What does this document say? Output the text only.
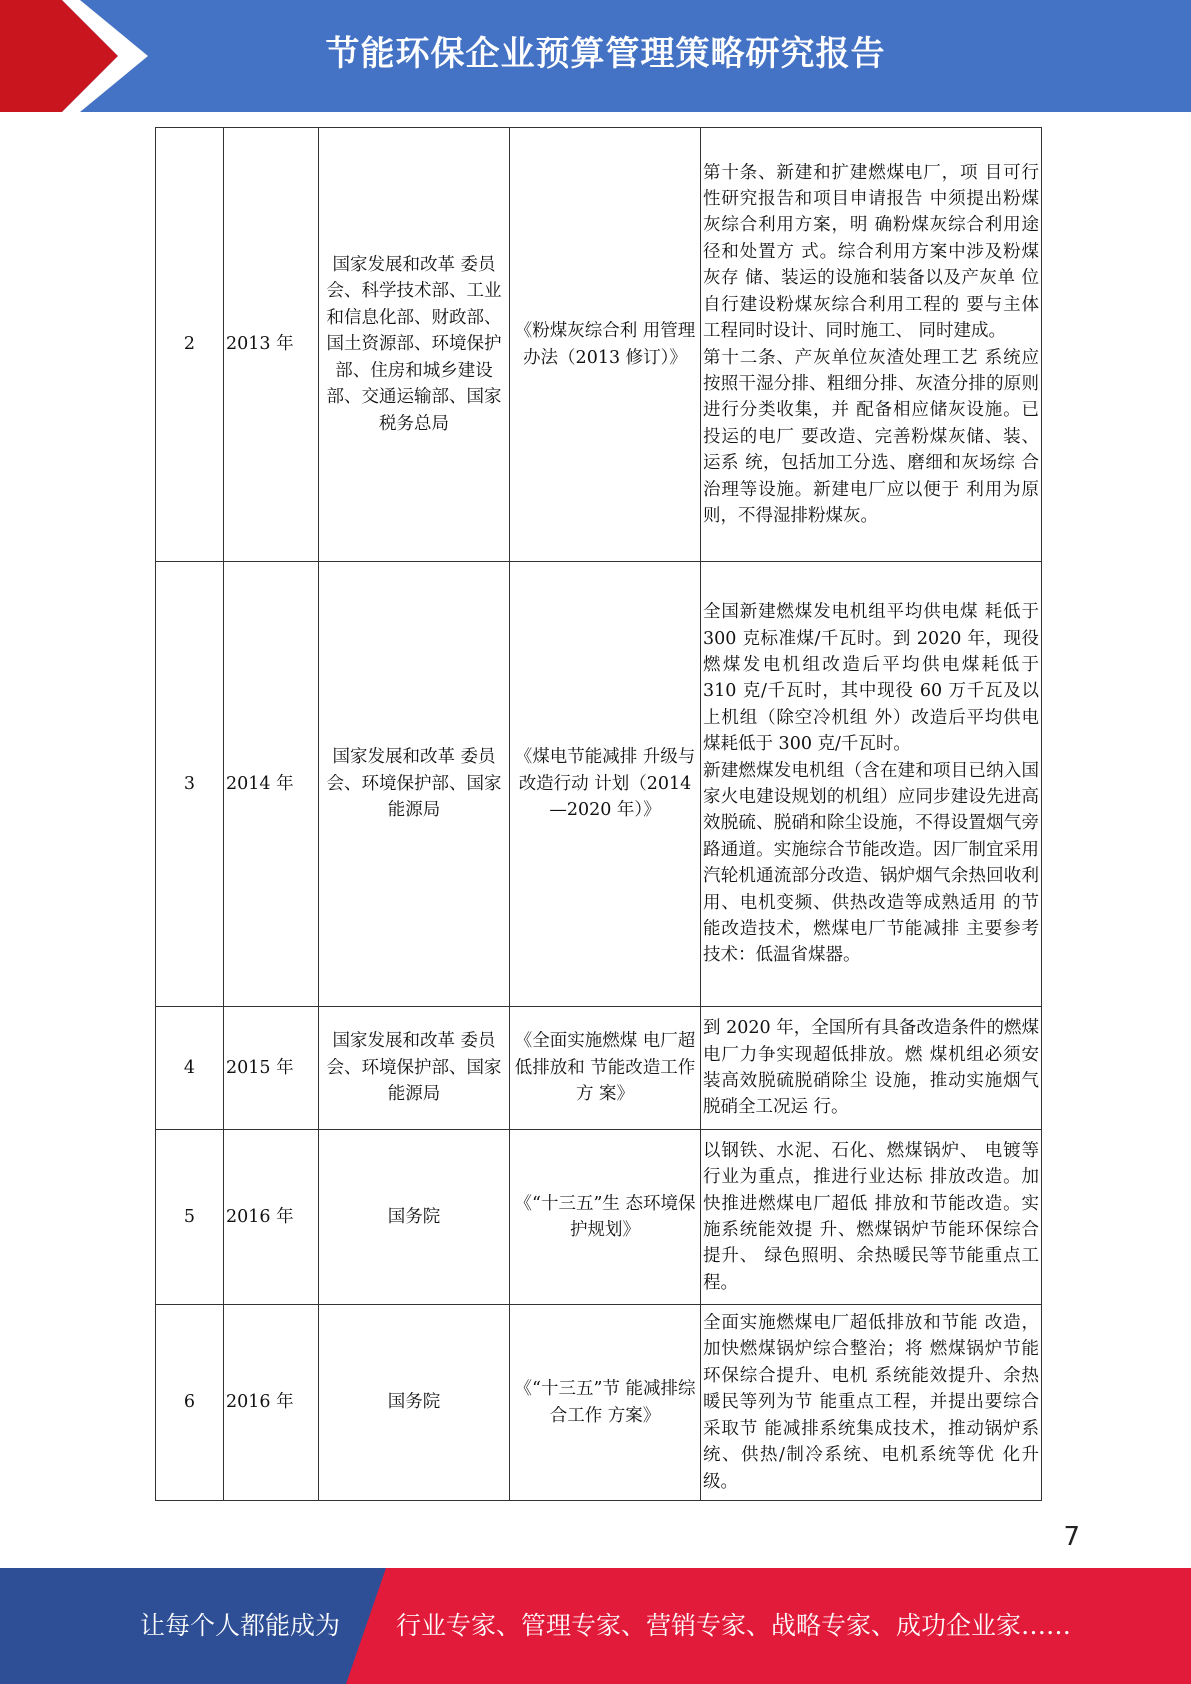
节能环保企业预算管理策略研究报告
2	2013 年	国家发展和改革 委员会、科学技术部、工业和信息化部、财政部、国土资源部、环境保护部、住房和城乡建设部、交通运输部、国家税务总局	《粉煤灰综合利 用管理办法（2013 修订）》	第十条、新建和扩建燃煤电厂，项 目可行性研究报告和项目申请报告 中须提出粉煤灰综合利用方案，明 确粉煤灰综合利用途径和处置方 式。综合利用方案中涉及粉煤灰存 储、装运的设施和装备以及产灰单 位自行建设粉煤灰综合利用工程的 要与主体工程同时设计、同时施工、 同时建成。
第十二条、产灰单位灰渣处理工艺 系统应按照干湿分排、粗细分排、灰渣分排的原则进行分类收集，并 配备相应储灰设施。已投运的电厂 要改造、完善粉煤灰储、装、运系 统，包括加工分选、磨细和灰场综 合治理等设施。新建电厂应以便于 利用为原则，不得湿排粉煤灰。

3	2014 年	国家发展和改革 委员会、环境保护部、国家能源局	《煤电节能减排 升级与改造行动 计划（2014—2020 年）》	全国新建燃煤发电机组平均供电煤 耗低于 300 克标准煤/千瓦时。到 2020 年，现役燃煤发电机组改造后平均供电煤耗低于 310 克/千瓦时，其中现役 60 万千瓦及以上机组（除空冷机组 外）改造后平均供电煤耗低于 300 克/千瓦时。
新建燃煤发电机组（含在建和项目已纳入国家火电建设规划的机组）应同步建设先进高效脱硫、脱硝和除尘设施，不得设置烟气旁路通道。实施综合节能改造。因厂制宜采用汽轮机通流部分改造、锅炉烟气余热回收利 用、电机变频、供热改造等成熟适用 的节能改造技术，燃煤电厂节能减排 主要参考技术：低温省煤器。

4	2015 年	国家发展和改革 委员会、环境保护部、国家能源局	《全面实施燃煤 电厂超低排放和 节能改造工作方 案》	到 2020 年，全国所有具备改造条件的燃煤电厂力争实现超低排放。燃 煤机组必须安装高效脱硫脱硝除尘 设施，推动实施烟气脱硝全工况运 行。

5	2016 年	国务院	《“十三五”生 态环境保护规划》	以钢铁、水泥、石化、燃煤锅炉、 电镀等行业为重点，推进行业达标 排放改造。加快推进燃煤电厂超低 排放和节能改造。实施系统能效提 升、燃煤锅炉节能环保综合提升、 绿色照明、余热暖民等节能重点工 程。

6	2016 年	国务院	《“十三五”节 能减排综合工作 方案》	全面实施燃煤电厂超低排放和节能 改造，加快燃煤锅炉综合整治；将 燃煤锅炉节能环保综合提升、电机 系统能效提升、余热暖民等列为节 能重点工程，并提出要综合采取节 能减排系统集成技术，推动锅炉系 统、供热/制冷系统、电机系统等优 化升级。
7
让每个人都能成为 行业专家、管理专家、营销专家、战略专家、成功企业家……
